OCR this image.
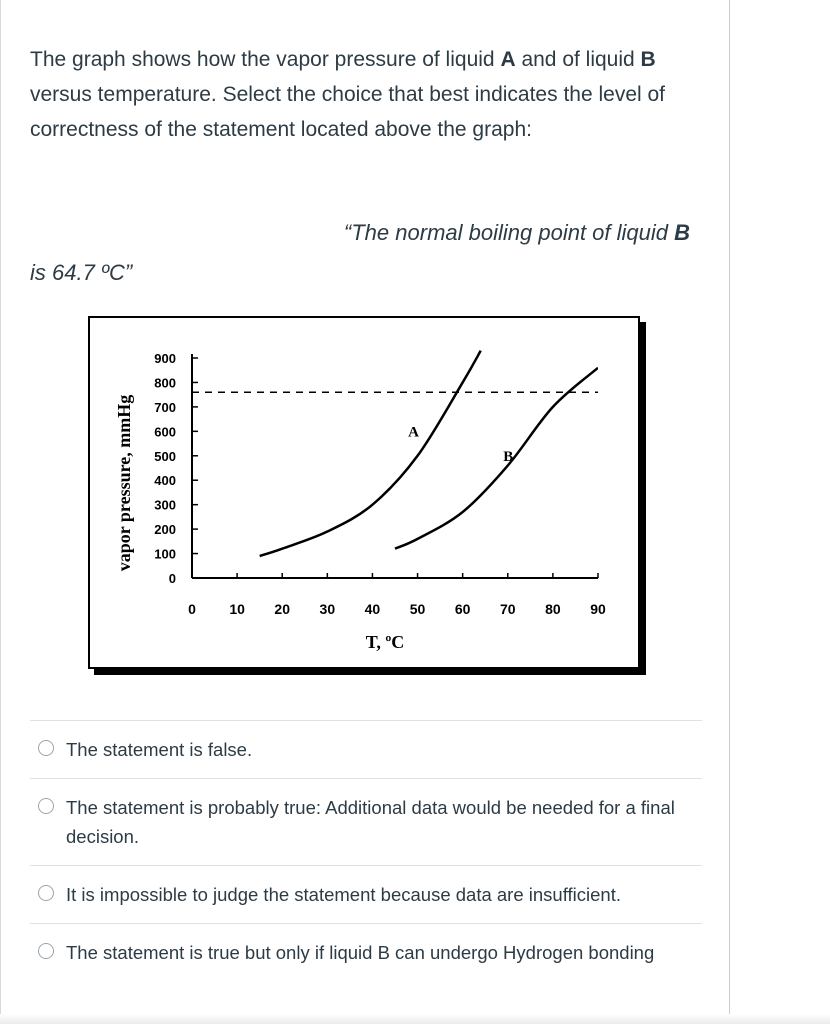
The graph shows how the vapor pressure of liquid A and of liquid B versus temperature. Select the choice that best indicates the level of correctness of the statement located above the graph:
“The normal boiling point of liquid B
is 64.7 ºC”
900
800
700
600
500
400
300
200
100
0
0 10 20 30 40 50 60 70 80 90
T, ºC
vapor pressure, mmHg	A
B
The statement is false.
The statement is probably true: Additional data would be needed for a final decision.
It is impossible to judge the statement because data are insufficient.
The statement is true but only if liquid B can undergo Hydrogen bonding
